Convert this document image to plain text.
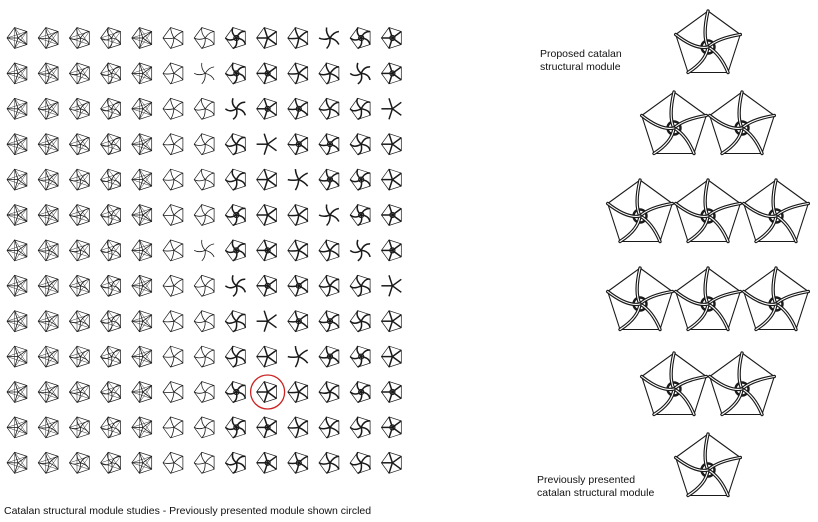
Proposed catalan structural module
Previously presented catalan structural module
Catalan structural module studies - Previously presented module shown circled
